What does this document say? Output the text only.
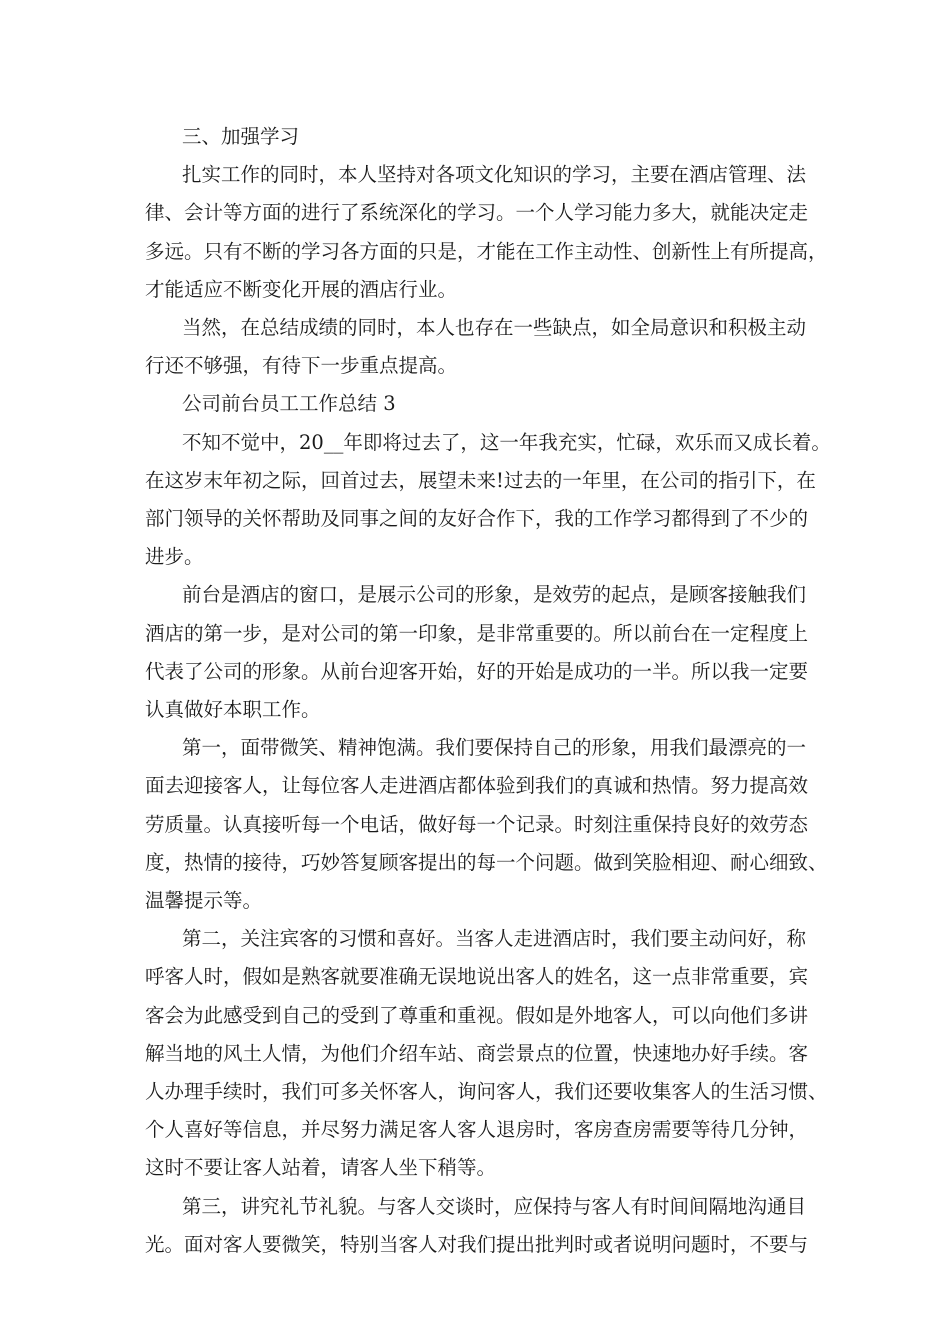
三、加强学习
扎实工作的同时，本人坚持对各项文化知识的学习，主要在酒店管理、法
律、会计等方面的进行了系统深化的学习。一个人学习能力多大，就能决定走
多远。只有不断的学习各方面的只是，才能在工作主动性、创新性上有所提高，
才能适应不断变化开展的酒店行业。
当然，在总结成绩的同时，本人也存在一些缺点，如全局意识和积极主动
行还不够强，有待下一步重点提高。
公司前台员工工作总结 3
不知不觉中，20__年即将过去了，这一年我充实，忙碌，欢乐而又成长着。
在这岁末年初之际，回首过去，展望未来!过去的一年里，在公司的指引下，在
部门领导的关怀帮助及同事之间的友好合作下，我的工作学习都得到了不少的
进步。
前台是酒店的窗口，是展示公司的形象，是效劳的起点，是顾客接触我们
酒店的第一步，是对公司的第一印象，是非常重要的。所以前台在一定程度上
代表了公司的形象。从前台迎客开始，好的开始是成功的一半。所以我一定要
认真做好本职工作。
第一，面带微笑、精神饱满。我们要保持自己的形象，用我们最漂亮的一
面去迎接客人，让每位客人走进酒店都体验到我们的真诚和热情。努力提高效
劳质量。认真接听每一个电话，做好每一个记录。时刻注重保持良好的效劳态
度，热情的接待，巧妙答复顾客提出的每一个问题。做到笑脸相迎、耐心细致、
温馨提示等。
第二，关注宾客的习惯和喜好。当客人走进酒店时，我们要主动问好，称
呼客人时，假如是熟客就要准确无误地说出客人的姓名，这一点非常重要，宾
客会为此感受到自己的受到了尊重和重视。假如是外地客人，可以向他们多讲
解当地的风土人情，为他们介绍车站、商尝景点的位置，快速地办好手续。客
人办理手续时，我们可多关怀客人，询问客人，我们还要收集客人的生活习惯、
个人喜好等信息，并尽努力满足客人客人退房时，客房查房需要等待几分钟，
这时不要让客人站着，请客人坐下稍等。
第三，讲究礼节礼貌。与客人交谈时，应保持与客人有时间间隔地沟通目
光。面对客人要微笑，特别当客人对我们提出批判时或者说明问题时，不要与
